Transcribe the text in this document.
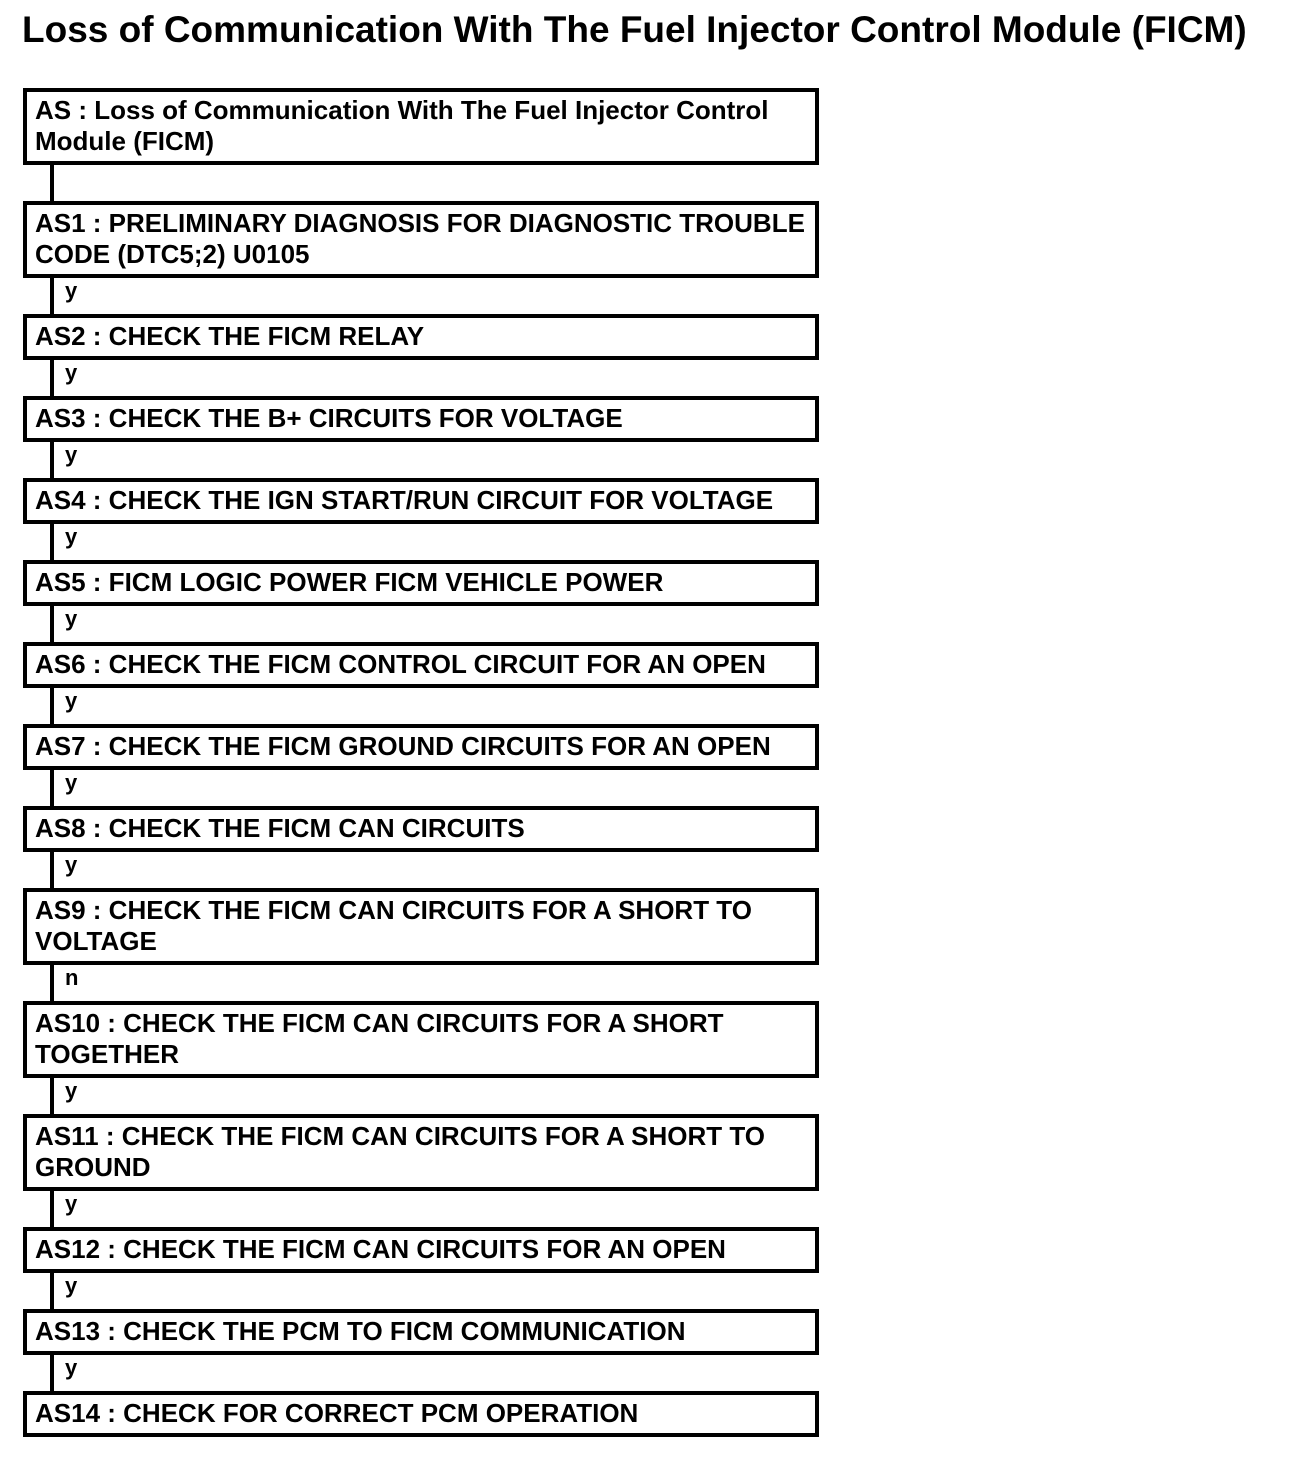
Loss of Communication With The Fuel Injector Control Module (FICM)
AS : Loss of Communication With The Fuel Injector Control Module (FICM)
AS1 : PRELIMINARY DIAGNOSIS FOR DIAGNOSTIC TROUBLE CODE (DTC5;2) U0105
y
AS2 : CHECK THE FICM RELAY
y
AS3 : CHECK THE B+ CIRCUITS FOR VOLTAGE
y
AS4 : CHECK THE IGN START/RUN CIRCUIT FOR VOLTAGE
y
AS5 : FICM LOGIC POWER FICM VEHICLE POWER
y
AS6 : CHECK THE FICM CONTROL CIRCUIT FOR AN OPEN
y
AS7 : CHECK THE FICM GROUND CIRCUITS FOR AN OPEN
y
AS8 : CHECK THE FICM CAN CIRCUITS
y
AS9 : CHECK THE FICM CAN CIRCUITS FOR A SHORT TO VOLTAGE
n
AS10 : CHECK THE FICM CAN CIRCUITS FOR A SHORT TOGETHER
y
AS11 : CHECK THE FICM CAN CIRCUITS FOR A SHORT TO GROUND
y
AS12 : CHECK THE FICM CAN CIRCUITS FOR AN OPEN
y
AS13 : CHECK THE PCM TO FICM COMMUNICATION
y
AS14 : CHECK FOR CORRECT PCM OPERATION
